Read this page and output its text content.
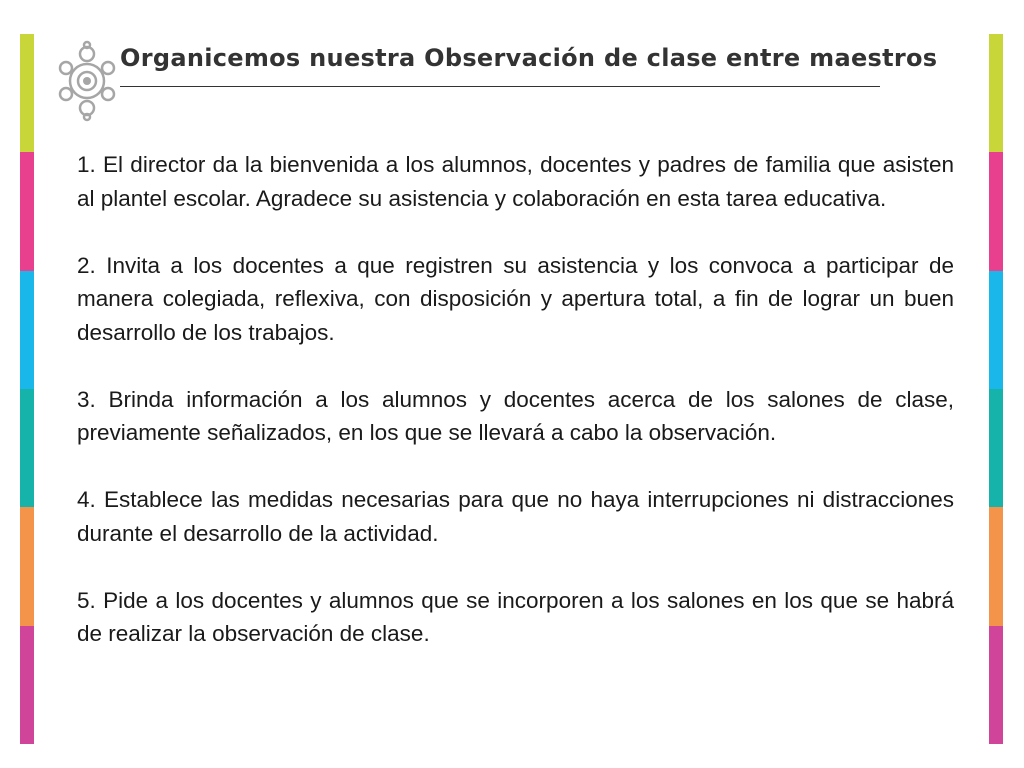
Organicemos nuestra Observación de clase entre maestros

1. El director da la bienvenida a los alumnos, docentes y padres de familia que asisten al plantel escolar. Agradece su asistencia y colaboración en esta tarea educativa.

2. Invita a los docentes a que registren su asistencia y los convoca a participar de manera colegiada, reflexiva, con disposición y apertura total, a fin de lograr un buen desarrollo de los trabajos.

3. Brinda información a los alumnos y docentes acerca de los salones de clase, previamente señalizados, en los que se llevará a cabo la observación.

4. Establece las medidas necesarias para que no haya interrupciones ni distracciones durante el desarrollo de la actividad.

5. Pide a los docentes y alumnos que se incorporen a los salones en los que se habrá de realizar la observación de clase.
